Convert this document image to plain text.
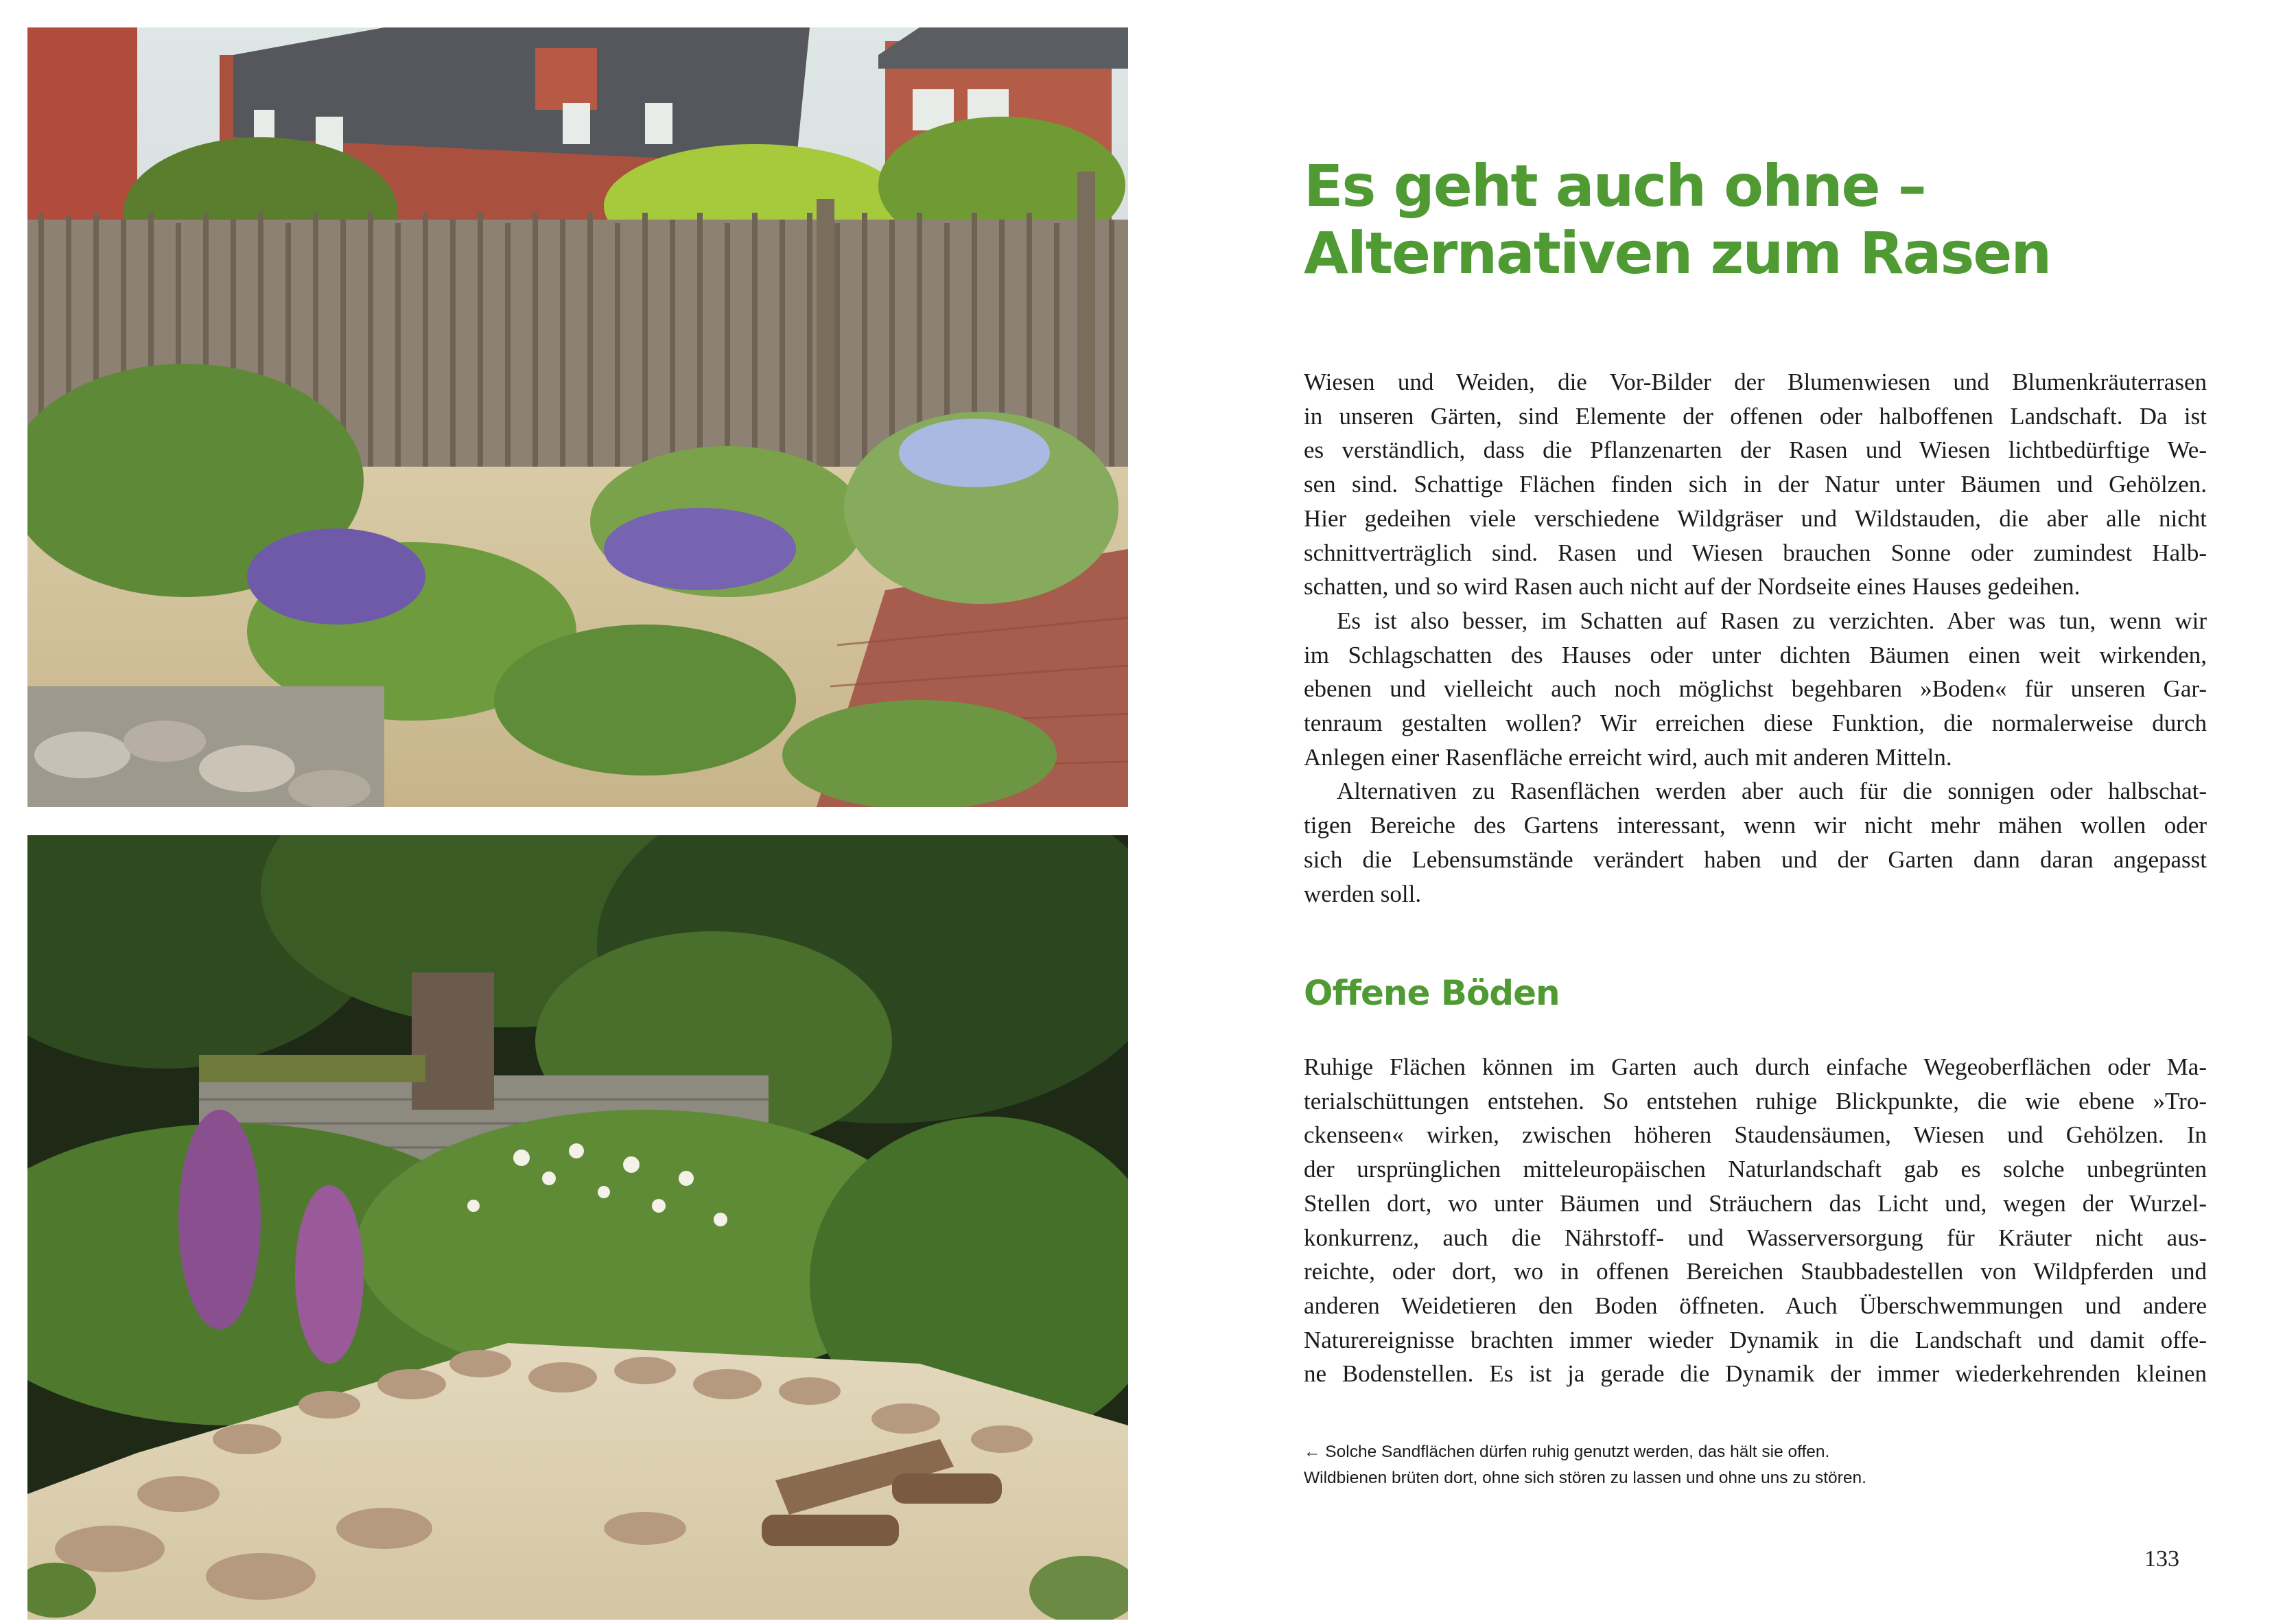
Es geht auch ohne –
Alternativen zum Rasen
Wiesen und Weiden, die Vor-Bilder der Blumenwiesen und Blumenkräuterrasen
in unseren Gärten, sind Elemente der offenen oder halboffenen Landschaft. Da ist
es verständlich, dass die Pflanzenarten der Rasen und Wiesen lichtbedürftige We-
sen sind. Schattige Flächen finden sich in der Natur unter Bäumen und Gehölzen.
Hier gedeihen viele verschiedene Wildgräser und Wildstauden, die aber alle nicht
schnittverträglich sind. Rasen und Wiesen brauchen Sonne oder zumindest Halb-
schatten, und so wird Rasen auch nicht auf der Nordseite eines Hauses gedeihen.
Es ist also besser, im Schatten auf Rasen zu verzichten. Aber was tun, wenn wir
im Schlagschatten des Hauses oder unter dichten Bäumen einen weit wirkenden,
ebenen und vielleicht auch noch möglichst begehbaren »Boden« für unseren Gar-
tenraum gestalten wollen? Wir erreichen diese Funktion, die normalerweise durch
Anlegen einer Rasenfläche erreicht wird, auch mit anderen Mitteln.
Alternativen zu Rasenflächen werden aber auch für die sonnigen oder halbschat-
tigen Bereiche des Gartens interessant, wenn wir nicht mehr mähen wollen oder
sich die Lebensumstände verändert haben und der Garten dann daran angepasst
werden soll.
Offene Böden
Ruhige Flächen können im Garten auch durch einfache Wegeoberflächen oder Ma-
terialschüttungen entstehen. So entstehen ruhige Blickpunkte, die wie ebene »Tro-
ckenseen« wirken, zwischen höheren Staudensäumen, Wiesen und Gehölzen. In
der ursprünglichen mitteleuropäischen Naturlandschaft gab es solche unbegrünten
Stellen dort, wo unter Bäumen und Sträuchern das Licht und, wegen der Wurzel-
konkurrenz, auch die Nährstoff- und Wasserversorgung für Kräuter nicht aus-
reichte, oder dort, wo in offenen Bereichen Staubbadestellen von Wildpferden und
anderen Weidetieren den Boden öffneten. Auch Überschwemmungen und andere
Naturereignisse brachten immer wieder Dynamik in die Landschaft und damit offe-
ne Bodenstellen. Es ist ja gerade die Dynamik der immer wiederkehrenden kleinen

← Solche Sandflächen dürfen ruhig genutzt werden, das hält sie offen.
Wildbienen brüten dort, ohne sich stören zu lassen und ohne uns zu stören.

133
